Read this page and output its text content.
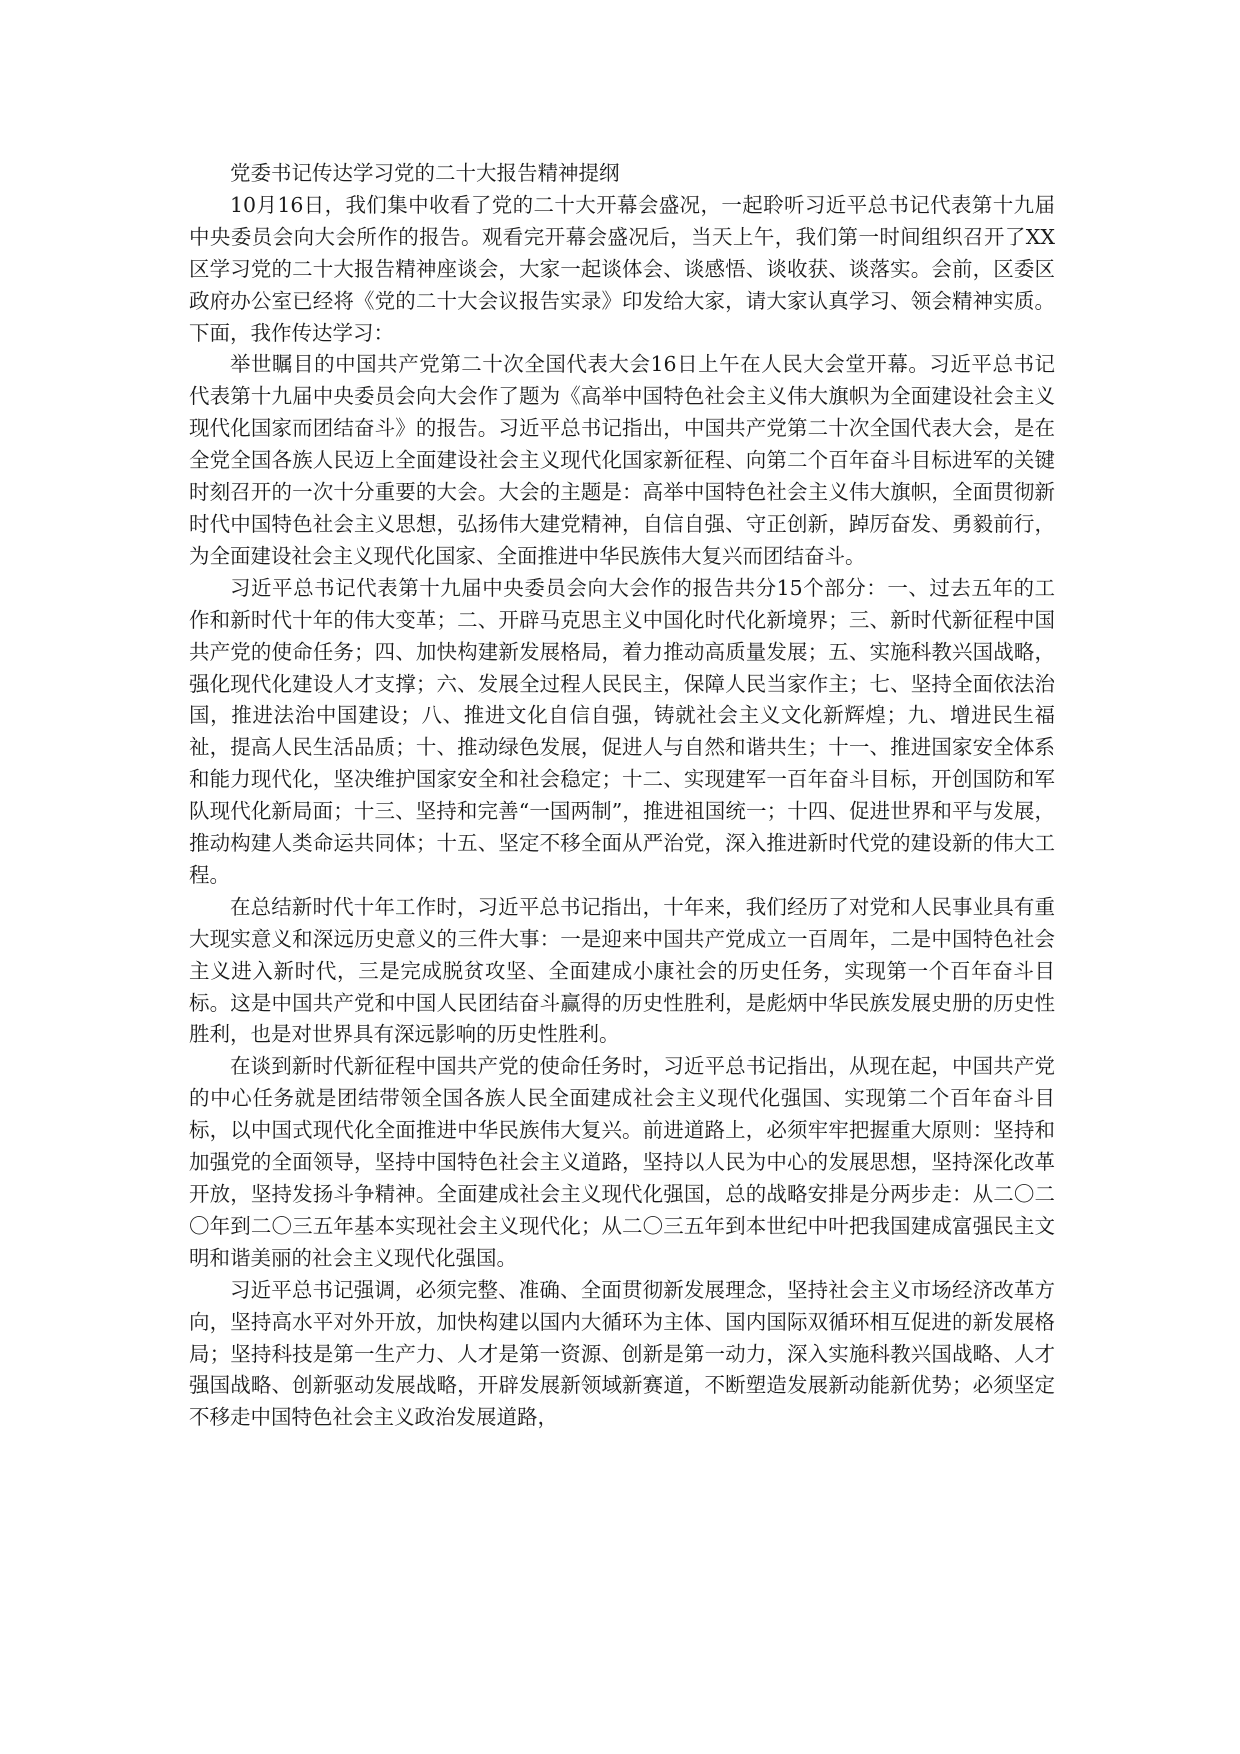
党委书记传达学习党的二十大报告精神提纲

10月16日，我们集中收看了党的二十大开幕会盛况，一起聆听习近平总书记代表第十九届中央委员会向大会所作的报告。观看完开幕会盛况后，当天上午，我们第一时间组织召开了XX区学习党的二十大报告精神座谈会，大家一起谈体会、谈感悟、谈收获、谈落实。会前，区委区政府办公室已经将《党的二十大会议报告实录》印发给大家，请大家认真学习、领会精神实质。下面，我作传达学习：

举世瞩目的中国共产党第二十次全国代表大会16日上午在人民大会堂开幕。习近平总书记代表第十九届中央委员会向大会作了题为《高举中国特色社会主义伟大旗帜为全面建设社会主义现代化国家而团结奋斗》的报告。习近平总书记指出，中国共产党第二十次全国代表大会，是在全党全国各族人民迈上全面建设社会主义现代化国家新征程、向第二个百年奋斗目标进军的关键时刻召开的一次十分重要的大会。大会的主题是：高举中国特色社会主义伟大旗帜，全面贯彻新时代中国特色社会主义思想，弘扬伟大建党精神，自信自强、守正创新，踔厉奋发、勇毅前行，为全面建设社会主义现代化国家、全面推进中华民族伟大复兴而团结奋斗。

习近平总书记代表第十九届中央委员会向大会作的报告共分15个部分：一、过去五年的工作和新时代十年的伟大变革；二、开辟马克思主义中国化时代化新境界；三、新时代新征程中国共产党的使命任务；四、加快构建新发展格局，着力推动高质量发展；五、实施科教兴国战略，强化现代化建设人才支撑；六、发展全过程人民民主，保障人民当家作主；七、坚持全面依法治国，推进法治中国建设；八、推进文化自信自强，铸就社会主义文化新辉煌；九、增进民生福祉，提高人民生活品质；十、推动绿色发展，促进人与自然和谐共生；十一、推进国家安全体系和能力现代化，坚决维护国家安全和社会稳定；十二、实现建军一百年奋斗目标，开创国防和军队现代化新局面；十三、坚持和完善“一国两制”，推进祖国统一；十四、促进世界和平与发展，推动构建人类命运共同体；十五、坚定不移全面从严治党，深入推进新时代党的建设新的伟大工程。

在总结新时代十年工作时，习近平总书记指出，十年来，我们经历了对党和人民事业具有重大现实意义和深远历史意义的三件大事：一是迎来中国共产党成立一百周年，二是中国特色社会主义进入新时代，三是完成脱贫攻坚、全面建成小康社会的历史任务，实现第一个百年奋斗目标。这是中国共产党和中国人民团结奋斗赢得的历史性胜利，是彪炳中华民族发展史册的历史性胜利，也是对世界具有深远影响的历史性胜利。

在谈到新时代新征程中国共产党的使命任务时，习近平总书记指出，从现在起，中国共产党的中心任务就是团结带领全国各族人民全面建成社会主义现代化强国、实现第二个百年奋斗目标，以中国式现代化全面推进中华民族伟大复兴。前进道路上，必须牢牢把握重大原则：坚持和加强党的全面领导，坚持中国特色社会主义道路，坚持以人民为中心的发展思想，坚持深化改革开放，坚持发扬斗争精神。全面建成社会主义现代化强国，总的战略安排是分两步走：从二〇二〇年到二〇三五年基本实现社会主义现代化；从二〇三五年到本世纪中叶把我国建成富强民主文明和谐美丽的社会主义现代化强国。

习近平总书记强调，必须完整、准确、全面贯彻新发展理念，坚持社会主义市场经济改革方向，坚持高水平对外开放，加快构建以国内大循环为主体、国内国际双循环相互促进的新发展格局；坚持科技是第一生产力、人才是第一资源、创新是第一动力，深入实施科教兴国战略、人才强国战略、创新驱动发展战略，开辟发展新领域新赛道，不断塑造发展新动能新优势；必须坚定不移走中国特色社会主义政治发展道路，
